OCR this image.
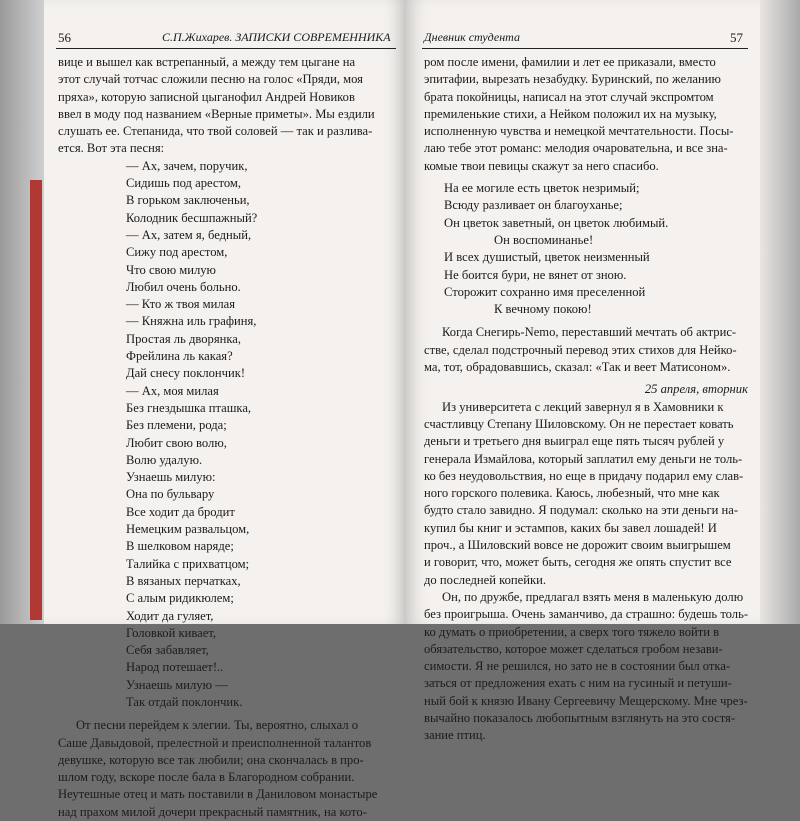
56	С.П.Жихарев. ЗАПИСКИ СОВРЕМЕННИКА
вице и вышел как встрепанный, а между тем цыгане на
этот случай тотчас сложили песню на голос «Пряди, моя
пряха», которую записной цыганофил Андрей Новиков
ввел в моду под названием «Верные приметы». Мы ездили
слушать ее. Степанида, что твой соловей — так и разлива-
ется. Вот эта песня:
— Ах, зачем, поручик,
Сидишь под арестом,
В горьком заключеньи,
Колодник бесшпажный?
— Ах, затем я, бедный,
Сижу под арестом,
Что свою милую
Любил очень больно.
— Кто ж твоя милая
— Княжна иль графиня,
Простая ль дворянка,
Фрейлина ль какая?
Дай снесу поклончик!
— Ах, моя милая
Без гнездышка пташка,
Без племени, рода;
Любит свою волю,
Волю удалую.
Узнаешь милую:
Она по бульвару
Все ходит да бродит
Немецким развальцом,
В шелковом наряде;
Талийка с прихватцом;
В вязаных перчатках,
С алым ридикюлем;
Ходит да гуляет,
Головкой кивает,
Себя забавляет,
Народ потешает!..
Узнаешь милую —
Так отдай поклончик.
От песни перейдем к элегии. Ты, вероятно, слыхал о
Саше Давыдовой, прелестной и преисполненной талантов
девушке, которую все так любили; она скончалась в про-
шлом году, вскоре после бала в Благородном собрании.
Неутешные отец и мать поставили в Даниловом монастыре
над прахом милой дочери прекрасный памятник, на кото-
Дневник студента	57
ром после имени, фамилии и лет ее приказали, вместо
эпитафии, вырезать незабудку. Буринский, по желанию
брата покойницы, написал на этот случай экспромтом
премиленькие стихи, а Нейком положил их на музыку,
исполненную чувства и немецкой мечтательности. Посы-
лаю тебе этот романс: мелодия очаровательна, и все зна-
комые твои певицы скажут за него спасибо.
На ее могиле есть цветок незримый;
Всюду разливает он благоуханье;
Он цветок заветный, он цветок любимый.
Он воспоминанье!
И всех душистый, цветок неизменный
Не боится бури, не вянет от зною.
Сторожит сохранно имя преселенной
К вечному покою!
Когда Снегирь-Nemo, переставший мечтать об актрис-
стве, сделал подстрочный перевод этих стихов для Нейко-
ма, тот, обрадовавшись, сказал: «Так и веет Матисоном».
25 апреля, вторник
Из университета с лекций завернул я в Хамовники к
счастливцу Степану Шиловскому. Он не перестает ковать
деньги и третьего дня выиграл еще пять тысяч рублей у
генерала Измайлова, который заплатил ему деньги не толь-
ко без неудовольствия, но еще в придачу подарил ему слав-
ного горского полевика. Каюсь, любезный, что мне как
будто стало завидно. Я подумал: сколько на эти деньги на-
купил бы книг и эстампов, каких бы завел лошадей! И
проч., а Шиловский вовсе не дорожит своим выигрышем
и говорит, что, может быть, сегодня же опять спустит все
до последней копейки.
Он, по дружбе, предлагал взять меня в маленькую долю
без проигрыша. Очень заманчиво, да страшно: будешь толь-
ко думать о приобретении, а сверх того тяжело войти в
обязательство, которое может сделаться гробом незави-
симости. Я не решился, но зато не в состоянии был отка-
заться от предложения ехать с ним на гусиный и петуши-
ный бой к князю Ивану Сергеевичу Мещерскому. Мне чрез-
вычайно показалось любопытным взглянуть на это состя-
зание птиц.
